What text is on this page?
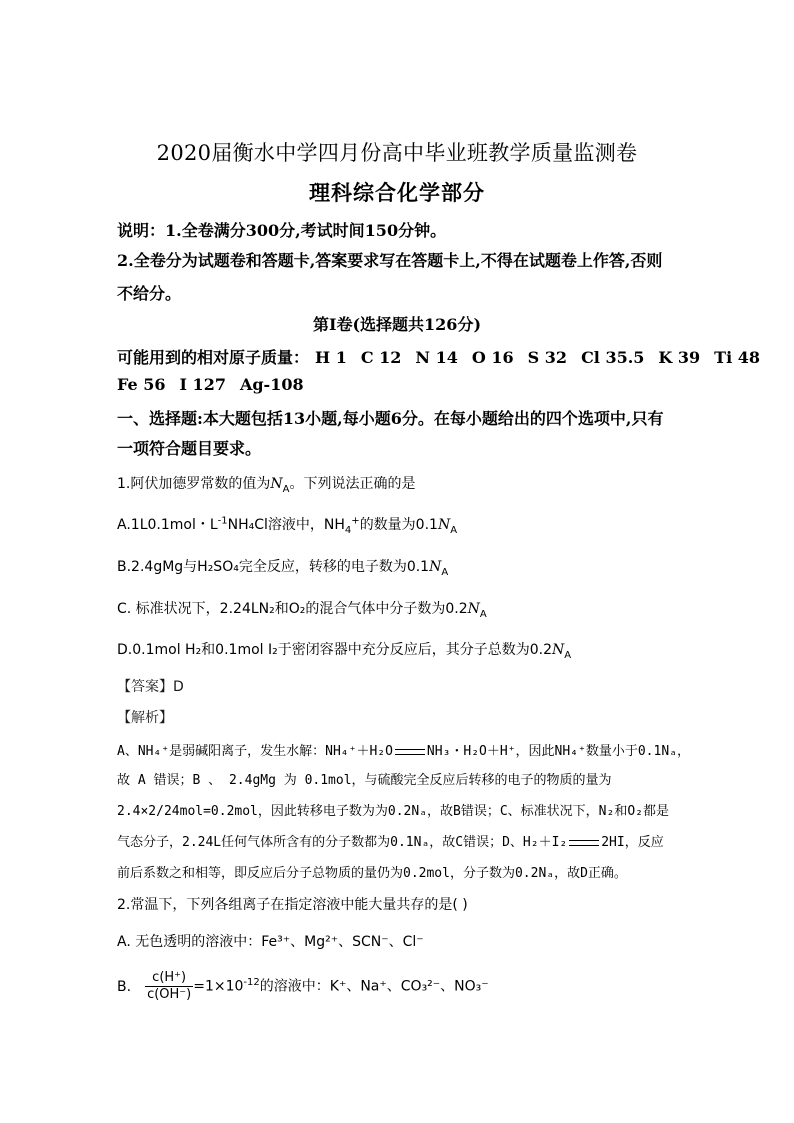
2020届衡水中学四月份高中毕业班教学质量监测卷
理科综合化学部分
说明：1.全卷满分300分,考试时间150分钟。
2.全卷分为试题卷和答题卡,答案要求写在答题卡上,不得在试题卷上作答,否则
不给分。
第Ⅰ卷(选择题共126分)
可能用到的相对原子质量： H 1 C 12 N 14 O 16 S 32 Cl 35.5 K 39 Ti 48
Fe 56 I 127 Ag-108
一、选择题:本大题包括13小题,每小题6分。在每小题给出的四个选项中,只有
一项符合题目要求。
1.阿伏加德罗常数的值为$N_A$。下列说法正确的是
A.1L0.1mol・$L^{-1}NH_4Cl$溶液中，$NH_4^+$的数量为$0.1N_A$
B.2.4gMg与H₂SO₄完全反应，转移的电子数为$0.1N_A$
C. 标准状况下，2.24LN₂和O₂的混合气体中分子数为$0.2N_A$
D.0.1mol H₂和0.1mol I₂于密闭容器中充分反应后，其分子总数为$0.2N_A$
【答案】D
【解析】
A、NH₄⁺是弱碱阳离子，发生水解：NH₄⁺＋H₂O	NH₃・H₂O＋H⁺，因此NH₄⁺数量小于0.1Nₐ，
故 A 错误；B 、 2.4gMg 为 0.1mol，与硫酸完全反应后转移的电子的物质的量为
2.4×2/24mol=0.2mol，因此转移电子数为为0.2Nₐ，故B错误；C、标准状况下，N₂和O₂都是
气态分子，2.24L任何气体所含有的分子数都为0.1Nₐ，故C错误；D、H₂＋I₂	2HI，反应
前后系数之和相等，即反应后分子总物质的量仍为0.2mol，分子数为0.2Nₐ，故D正确。
2.常温下，下列各组离子在指定溶液中能大量共存的是( )
A. 无色透明的溶液中：Fe³⁺、Mg²⁺、SCN⁻、Cl⁻
B. $\frac{c(H^+)}{c(OH^-)} =1\times 10^{-12}$的溶液中：K⁺、Na⁺、CO₃²⁻、NO₃⁻
